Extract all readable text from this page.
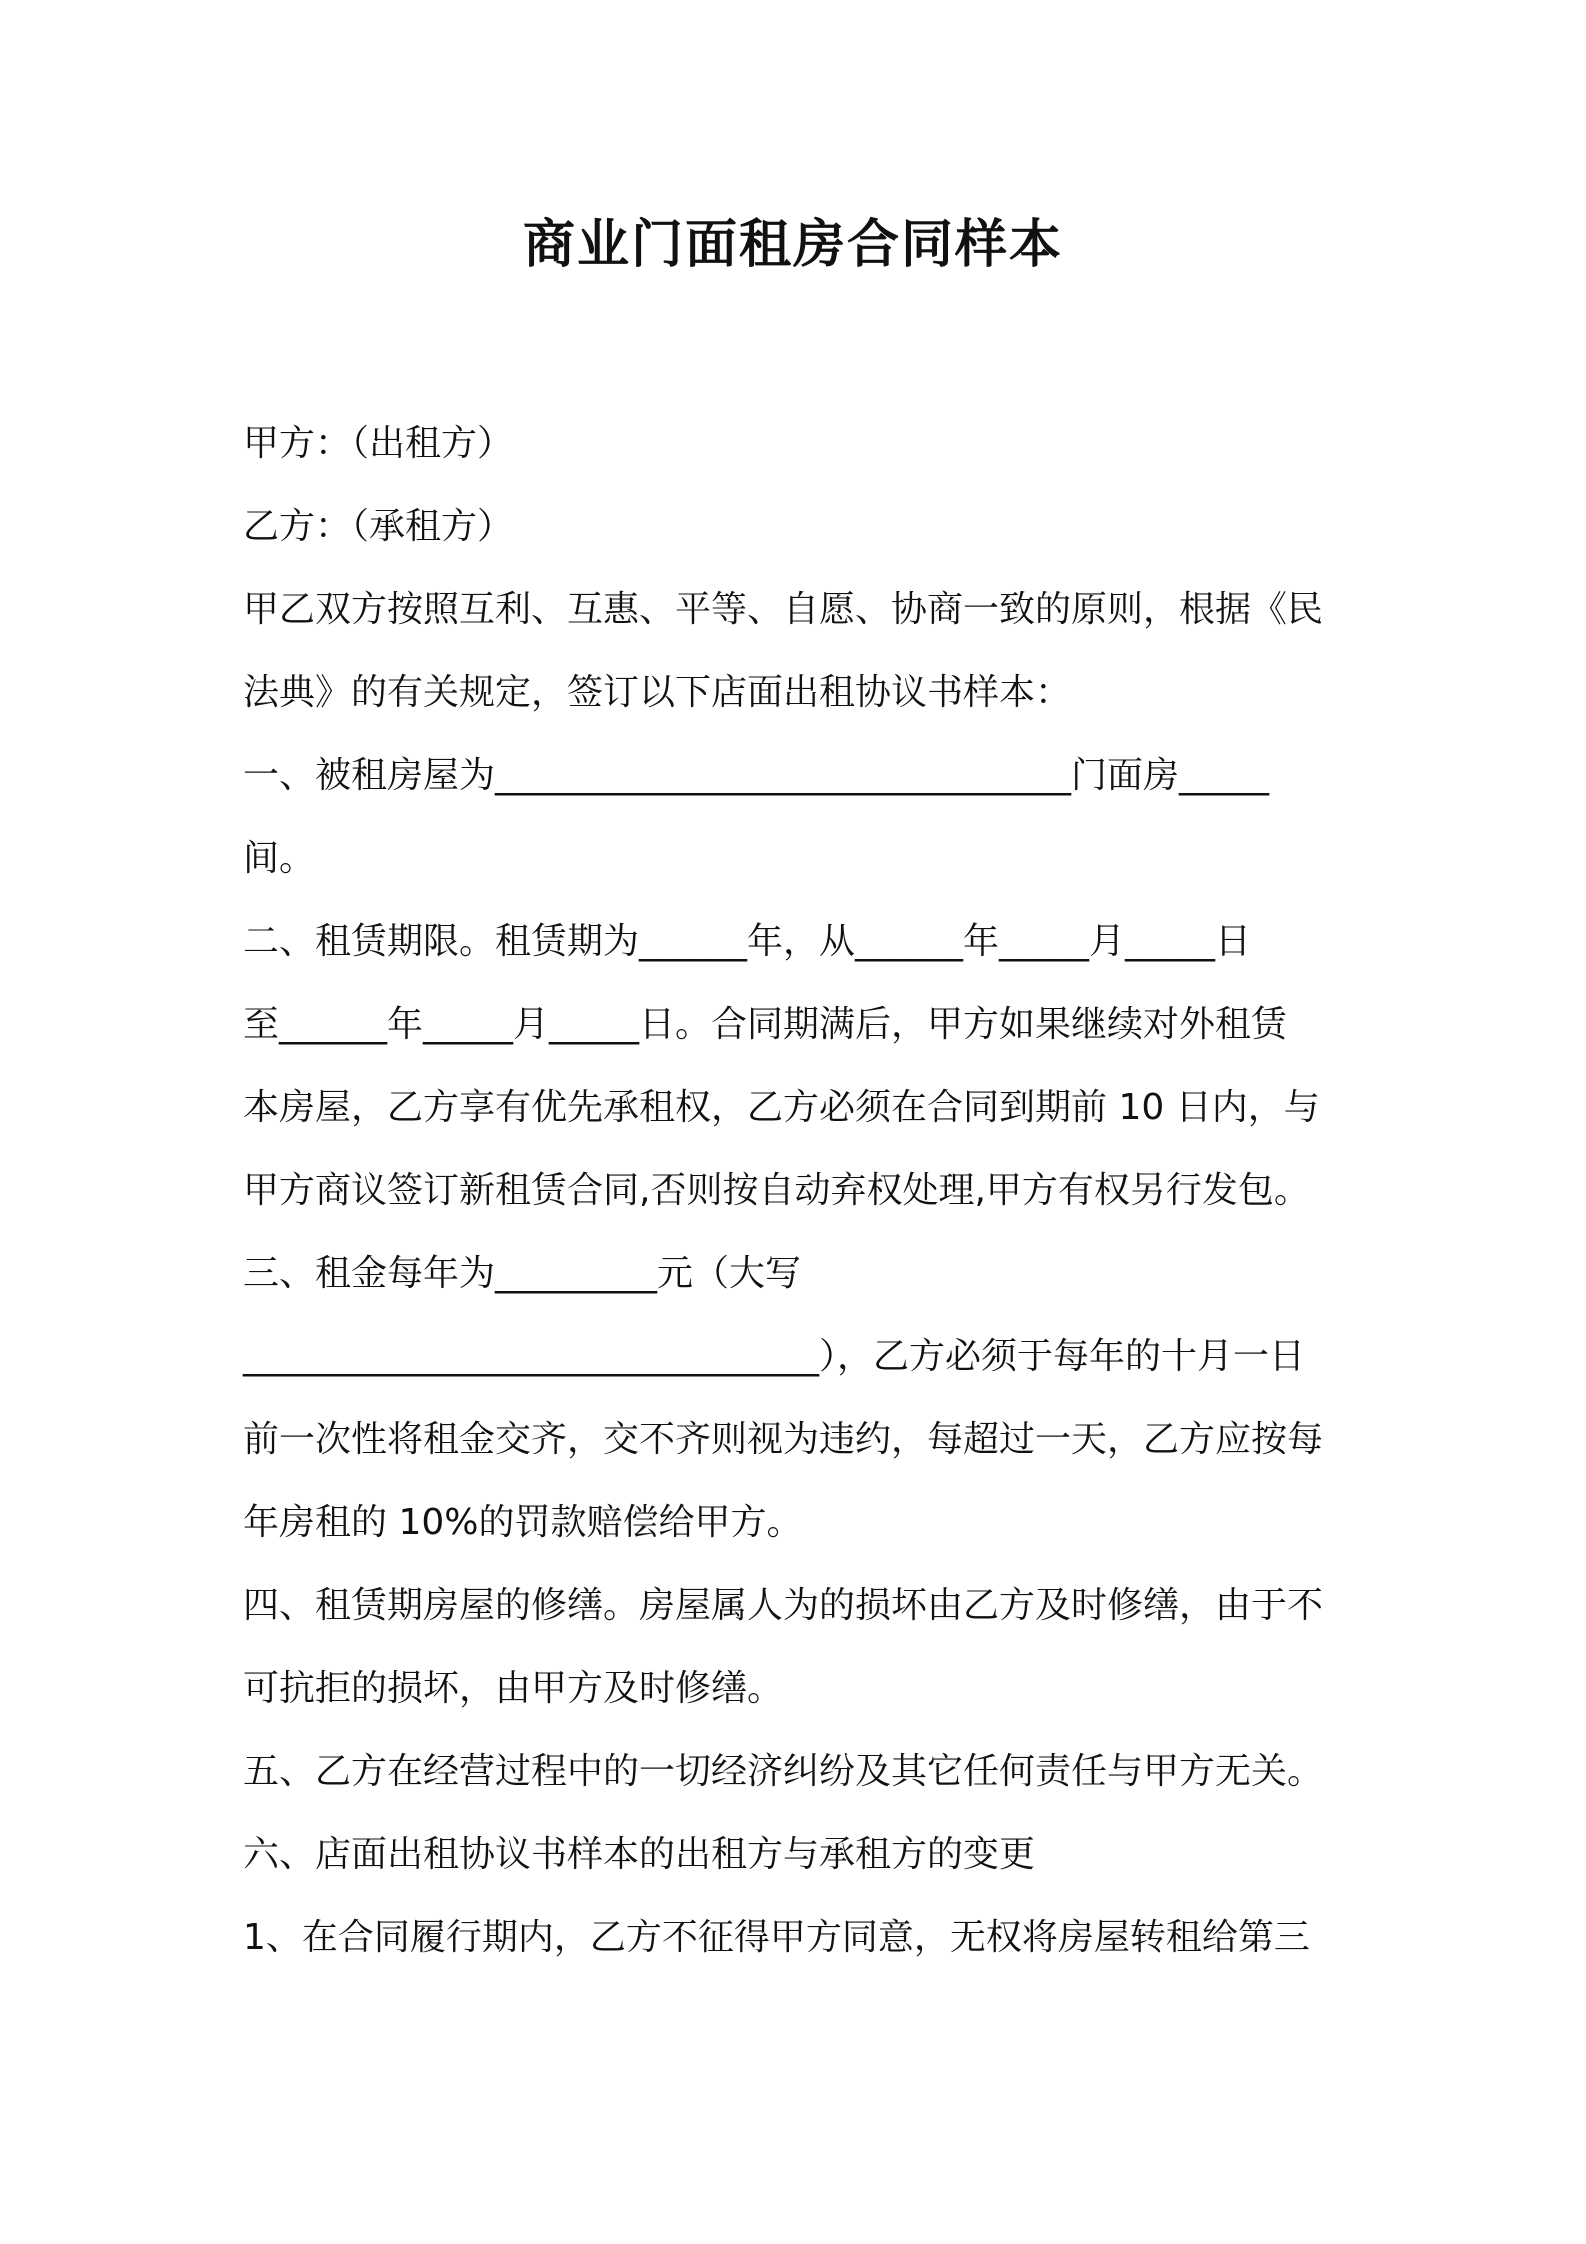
商业门面租房合同样本
甲方：（出租方）
乙方：（承租方）
甲乙双方按照互利、互惠、平等、自愿、协商一致的原则，根据《民
法典》的有关规定，签订以下店面出租协议书样本：
一、被租房屋为________________________________门面房_____
间。
二、租赁期限。租赁期为______年，从______年_____月_____日
至______年_____月_____日。合同期满后，甲方如果继续对外租赁
本房屋，乙方享有优先承租权，乙方必须在合同到期前 10 日内，与
甲方商议签订新租赁合同,否则按自动弃权处理,甲方有权另行发包。
三、租金每年为_________元（大写
________________________________），乙方必须于每年的十月一日
前一次性将租金交齐，交不齐则视为违约，每超过一天，乙方应按每
年房租的 10%的罚款赔偿给甲方。
四、租赁期房屋的修缮。房屋属人为的损坏由乙方及时修缮，由于不
可抗拒的损坏，由甲方及时修缮。
五、乙方在经营过程中的一切经济纠纷及其它任何责任与甲方无关。
六、店面出租协议书样本的出租方与承租方的变更
1、在合同履行期内，乙方不征得甲方同意，无权将房屋转租给第三
